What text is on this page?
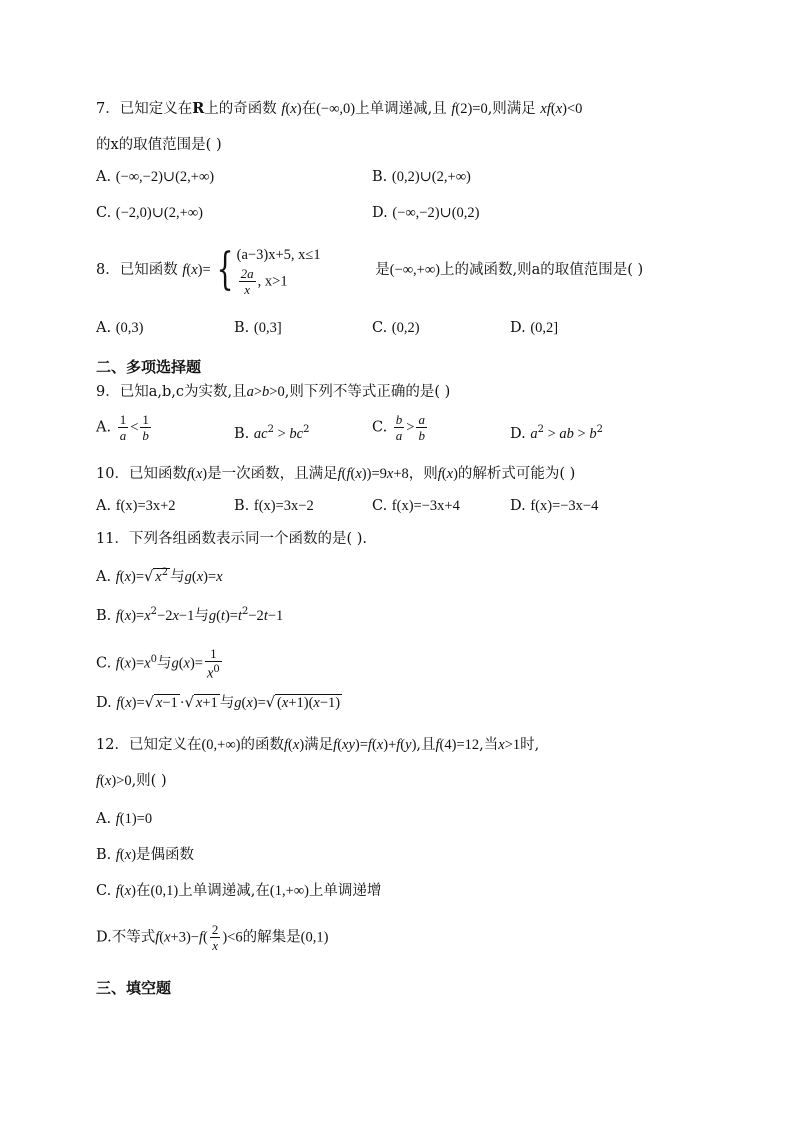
7．已知定义在R上的奇函数 f(x)在(−∞,0)上单调递减,且 f(2)=0,则满足 xf(x)<0
的x的取值范围是( )
A. (−∞,−2)∪(2,+∞)	B. (0,2)∪(2,+∞)
C. (−2,0)∪(2,+∞)	D. (−∞,−2)∪(0,2)
8．已知函数 f(x)= { (a−3)x+5, x≤1
$\frac{2a}{x}$ , x>1
是(−∞,+∞)上的减函数,则a的取值范围是( )
A. (0,3)	B. (0,3]	C. (0,2)	D. (0,2]
二、多项选择题
9．已知a,b,c为实数,且a>b>0,则下列不等式正确的是( )
A. $\frac{1}{a} < \frac{1}{b}$	B. $ac^2 > bc^2$	C. $\frac{b}{a} > \frac{a}{b}$	D. $a^2$ > ab > $b^2$
10．已知函数f(x)是一次函数，且满足f(f(x))=9x+8，则f(x)的解析式可能为( )
A. f(x)=3x+2	B. f(x)=3x−2	C. f(x)=−3x+4	D. f(x)=−3x−4
11．下列各组函数表示同一个函数的是( ).
A. f(x)=√ $x^2$ 与g(x)=x
B. $f(x)=x^2-2x-1$与$g(t)=t^2-2t-1$
C. $f(x)=x^0$与$g(x)= \frac{1}{x^0}$
D. f(x)=√ x−1 ·√ x+1 与g(x)=√ (x+1)(x−1)
12．已知定义在(0,+∞)的函数f(x)满足f(xy)=f(x)+f(y),且f(4)=12,当x>1时,
f(x)>0,则( )
A. f(1)=0
B. f(x)是偶函数
C. f(x)在(0,1)上单调递减,在(1,+∞)上单调递增
D.不等式$f(x+3)-f( \frac{2}{x} )<6$的解集是(0,1)
三、填空题
